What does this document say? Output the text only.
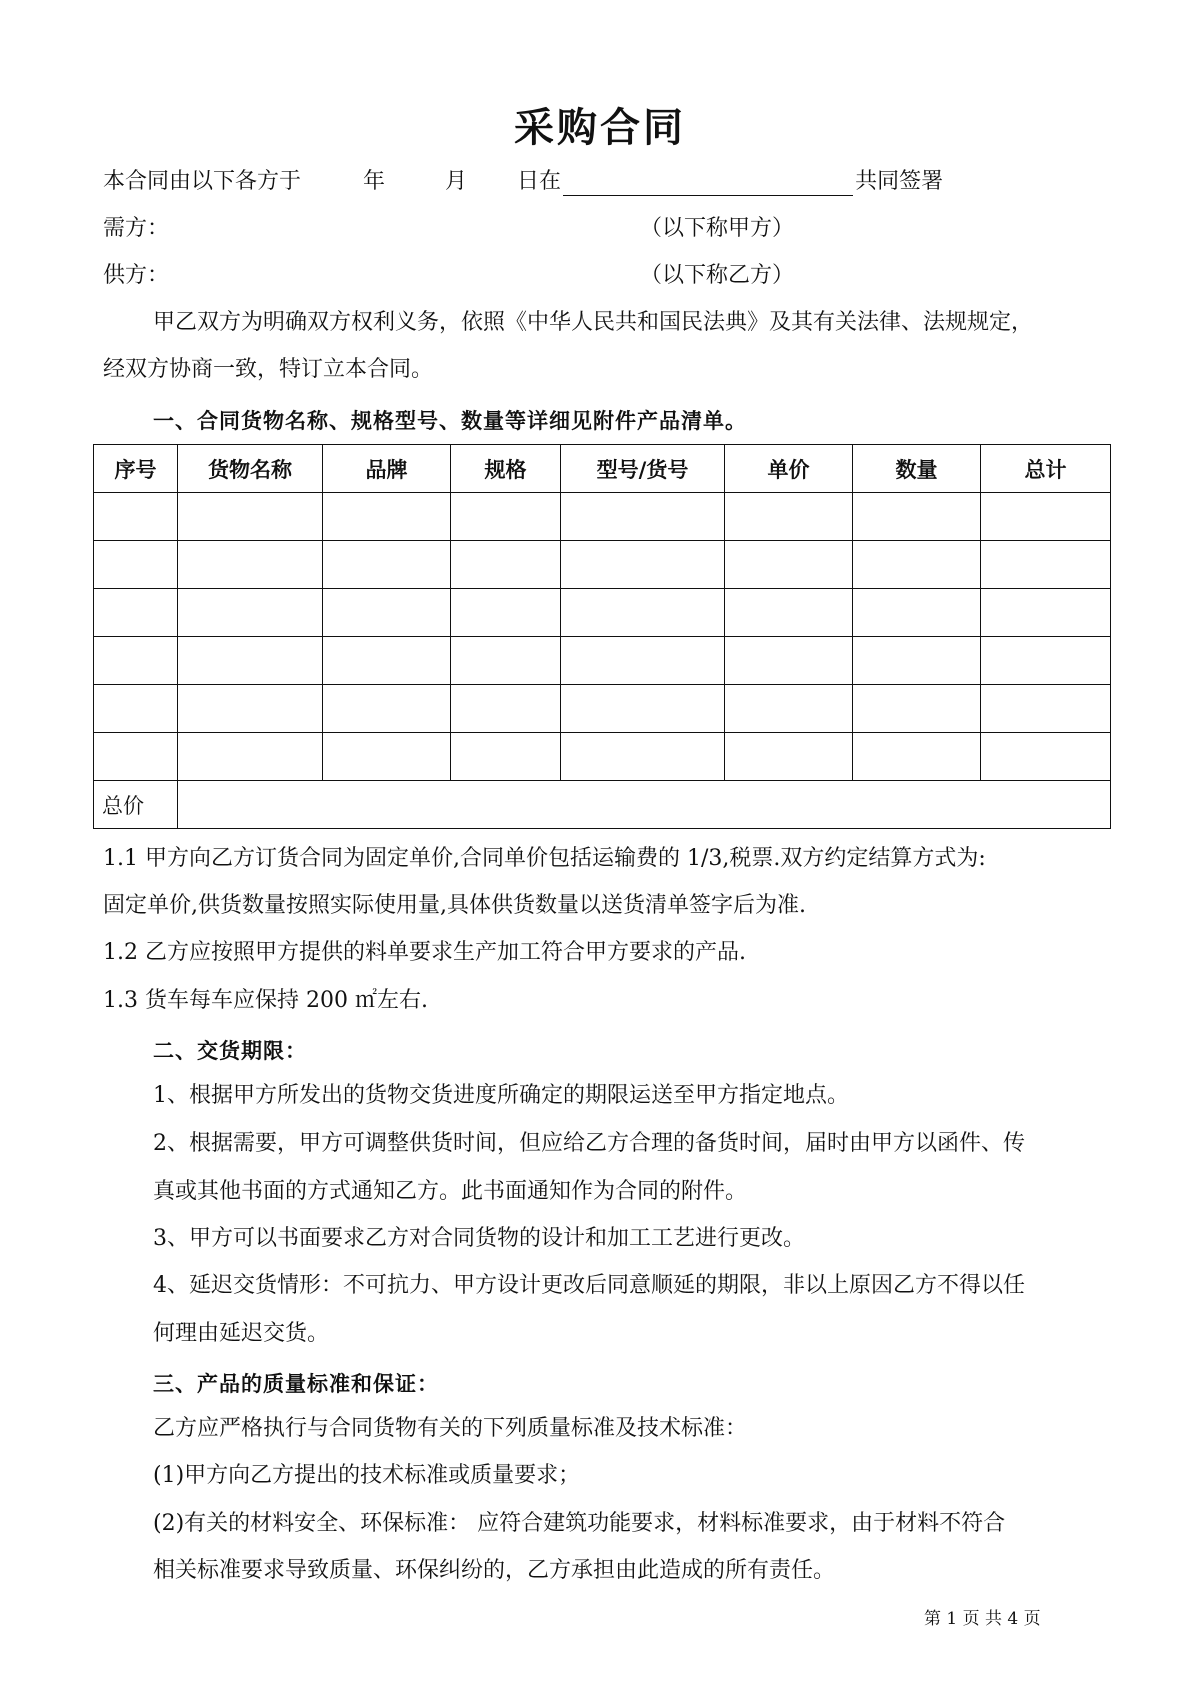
采购合同
本合同由以下各方于	年	月 日在	共同签署
需方：	（以下称甲方）
供方：	（以下称乙方）
甲乙双方为明确双方权利义务，依照《中华人民共和国民法典》及其有关法律、法规规定，
经双方协商一致，特订立本合同。
一、合同货物名称、规格型号、数量等详细见附件产品清单。
序号	货物名称	品牌	规格	型号/货号	单价	数量	总计

总价							
1.1 甲方向乙方订货合同为固定单价,合同单价包括运输费的 1/3,税票.双方约定结算方式为:
固定单价,供货数量按照实际使用量,具体供货数量以送货清单签字后为准.
1.2 乙方应按照甲方提供的料单要求生产加工符合甲方要求的产品.
1.3 货车每车应保持 200 ㎡左右.
二、交货期限：
1、根据甲方所发出的货物交货进度所确定的期限运送至甲方指定地点。
2、根据需要，甲方可调整供货时间，但应给乙方合理的备货时间，届时由甲方以函件、传
真或其他书面的方式通知乙方。此书面通知作为合同的附件。
3、甲方可以书面要求乙方对合同货物的设计和加工工艺进行更改。
4、延迟交货情形：不可抗力、甲方设计更改后同意顺延的期限，非以上原因乙方不得以任
何理由延迟交货。
三、产品的质量标准和保证：
乙方应严格执行与合同货物有关的下列质量标准及技术标准：
(1)甲方向乙方提出的技术标准或质量要求；
(2)有关的材料安全、环保标准： 应符合建筑功能要求，材料标准要求，由于材料不符合
相关标准要求导致质量、环保纠纷的，乙方承担由此造成的所有责任。
第 1 页 共 4 页
